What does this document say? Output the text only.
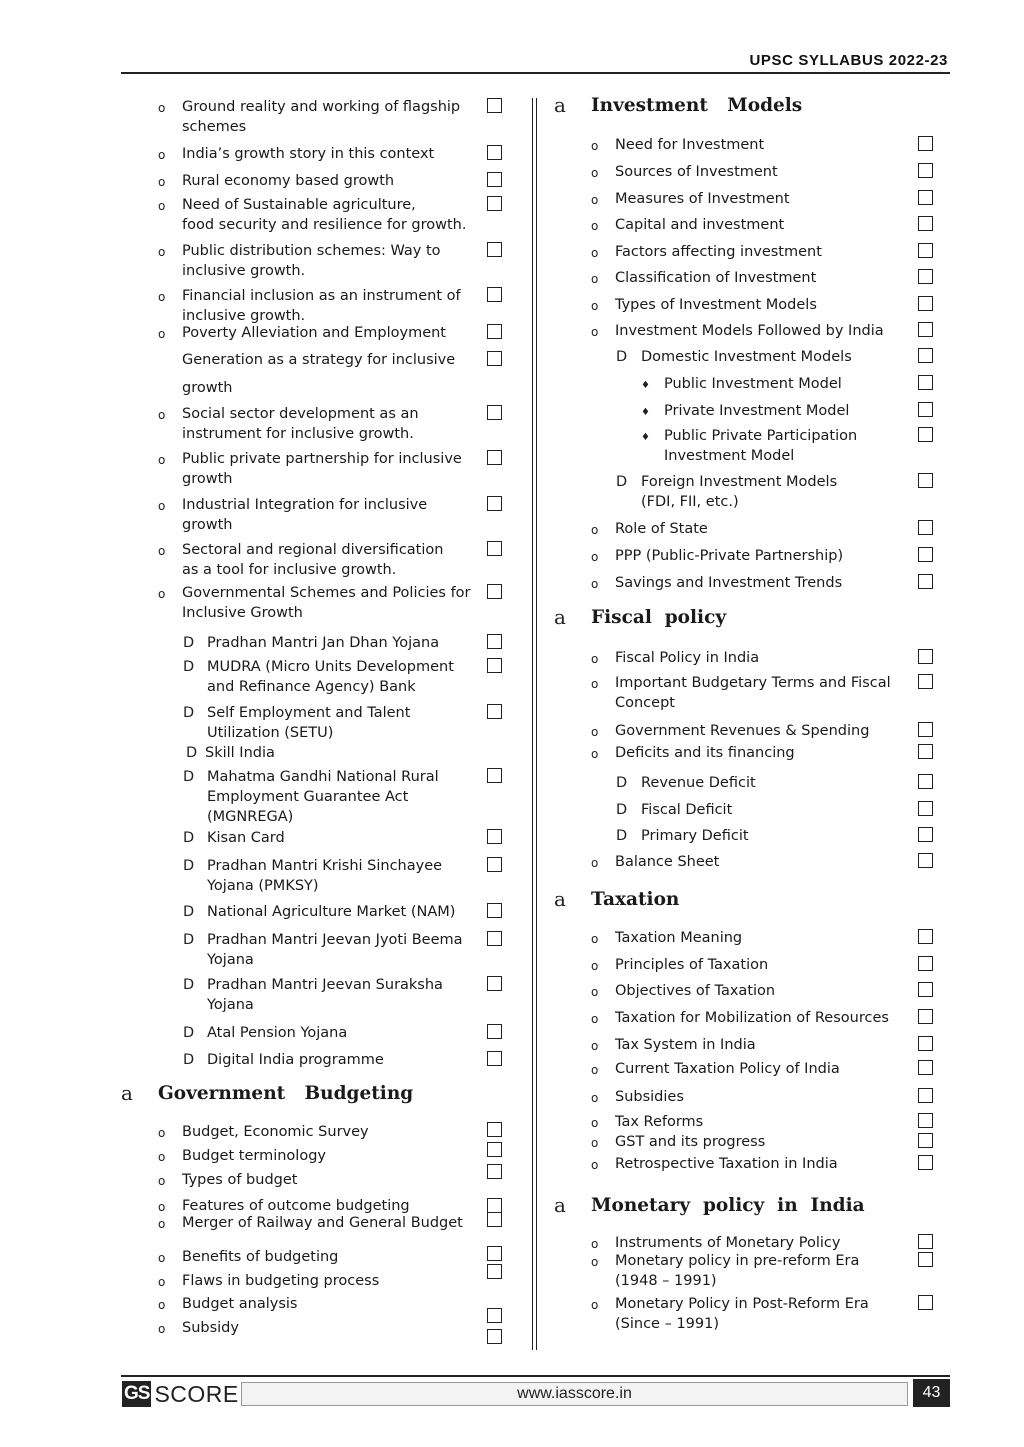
UPSC SYLLABUS 2022-23
o Ground reality and working of flagship
schemes
o India’s growth story in this context
o Rural economy based growth
o Need of Sustainable agriculture,
food security and resilience for growth.
o Public distribution schemes: Way to
inclusive growth.
o Financial inclusion as an instrument of
inclusive growth.
o Poverty Alleviation and Employment
Generation as a strategy for inclusive
growth
o Social sector development as an
instrument for inclusive growth.
o Public private partnership for inclusive
growth
o Industrial Integration for inclusive
growth
o Sectoral and regional diversification
as a tool for inclusive growth.
o Governmental Schemes and Policies for
Inclusive Growth
D Pradhan Mantri Jan Dhan Yojana
D MUDRA (Micro Units Development
and Refinance Agency) Bank
D Self Employment and Talent
Utilization (SETU)
D Skill India
D Mahatma Gandhi National Rural
Employment Guarantee Act
(MGNREGA)
D Kisan Card
D Pradhan Mantri Krishi Sinchayee
Yojana (PMKSY)
D National Agriculture Market (NAM)
D Pradhan Mantri Jeevan Jyoti Beema
Yojana
D Pradhan Mantri Jeevan Suraksha
Yojana
D Atal Pension Yojana
D Digital India programme
o Budget, Economic Survey
o Budget terminology
o Types of budget
o Features of outcome budgeting
o Merger of Railway and General Budget
o Benefits of budgeting
o Flaws in budgeting process
o Budget analysis
o Subsidy
a Government   Budgeting
a Investment   Models
a Fiscal  policy
a Taxation
a Monetary  policy  in  India
o Need for Investment
o Sources of Investment
o Measures of Investment
o Capital and investment
o Factors affecting investment
o Classification of Investment
o Types of Investment Models
o Investment Models Followed by India
D Domestic Investment Models
♦ Public Investment Model
♦ Private Investment Model
♦ Public Private Participation
Investment Model
D Foreign Investment Models
(FDI, FII, etc.)
o Role of State
o PPP (Public-Private Partnership)
o Savings and Investment Trends
o Fiscal Policy in India
o Important Budgetary Terms and Fiscal
Concept
o Government Revenues & Spending
o Deficits and its financing
D Revenue Deficit
D Fiscal Deficit
D Primary Deficit
o Balance Sheet
o Taxation Meaning
o Principles of Taxation
o Objectives of Taxation
o Taxation for Mobilization of Resources
o Tax System in India
o Current Taxation Policy of India
o Subsidies
o Tax Reforms
o GST and its progress
o Retrospective Taxation in India
o Instruments of Monetary Policy
o Monetary policy in pre-reform Era
(1948 – 1991)
o Monetary Policy in Post-Reform Era
(Since – 1991)
GS SCORE	www.iasscore.in	43
